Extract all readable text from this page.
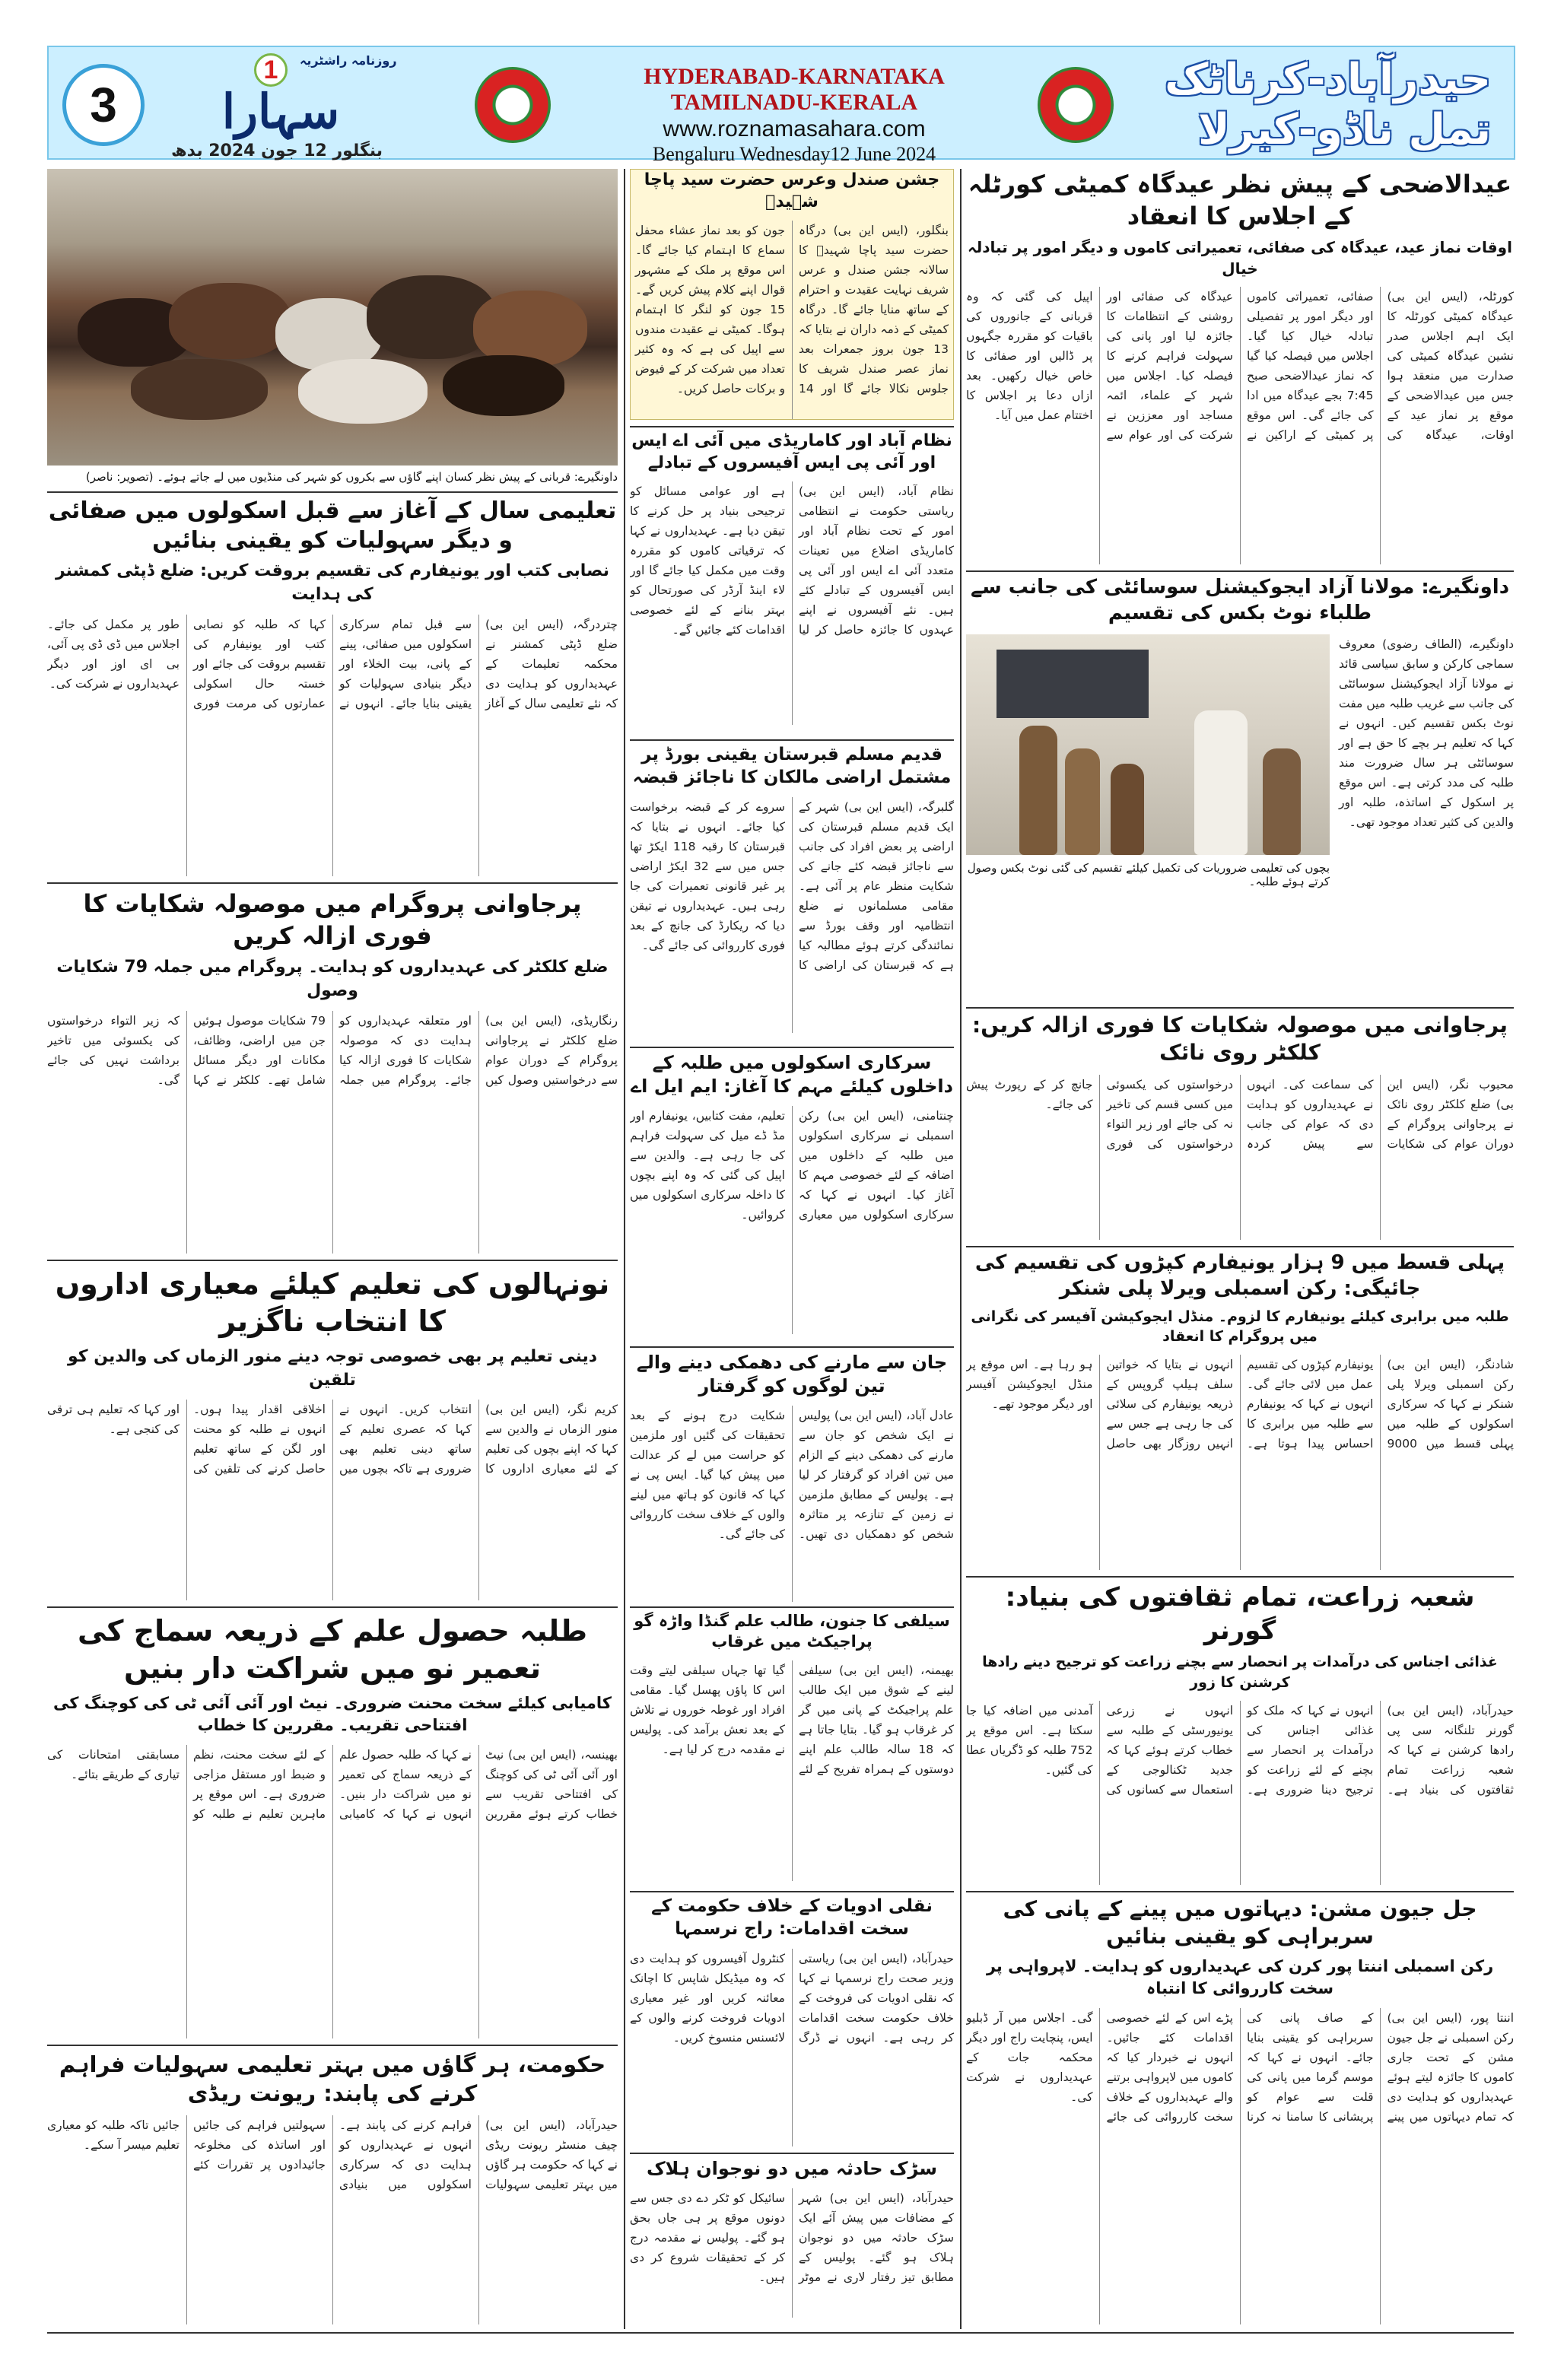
3
1
سہارا
بنگلور 12 جون 2024 بدھ
روزنامہ راشٹریہ
HYDERABAD-KARNATAKA
TAMILNADU-KERALA
www.roznamasahara.com
Bengaluru Wednesday12 June 2024
حیدرآباد-کرناٹک
تمل ناڈو-کیرلا
داونگیرے: قربانی کے پیش نظر کسان اپنے گاؤں سے بکروں کو شہر کی منڈیوں میں لے جاتے ہوئے۔ (تصویر: ناصر)
تعلیمی سال کے آغاز سے قبل اسکولوں میں صفائی و دیگر سہولیات کو یقینی بنائیں
نصابی کتب اور یونیفارم کی تقسیم بروقت کریں: ضلع ڈپٹی کمشنر کی ہدایت
چتردرگہ، (ایس این بی) ضلع ڈپٹی کمشنر نے محکمہ تعلیمات کے عہدیداروں کو ہدایت دی کہ نئے تعلیمی سال کے آغاز سے قبل تمام سرکاری اسکولوں میں صفائی، پینے کے پانی، بیت الخلاء اور دیگر بنیادی سہولیات کو یقینی بنایا جائے۔ انہوں نے کہا کہ طلبہ کو نصابی کتب اور یونیفارم کی تقسیم بروقت کی جائے اور خستہ حال اسکولی عمارتوں کی مرمت فوری طور پر مکمل کی جائے۔ اجلاس میں ڈی ڈی پی آئی، بی ای اوز اور دیگر عہدیداروں نے شرکت کی۔
پرجاوانی پروگرام میں موصولہ شکایات کا فوری ازالہ کریں
ضلع کلکٹر کی عہدیداروں کو ہدایت۔ پروگرام میں جملہ 79 شکایات وصول
رنگاریڈی، (ایس این بی) ضلع کلکٹر نے پرجاوانی پروگرام کے دوران عوام سے درخواستیں وصول کیں اور متعلقہ عہدیداروں کو ہدایت دی کہ موصولہ شکایات کا فوری ازالہ کیا جائے۔ پروگرام میں جملہ 79 شکایات موصول ہوئیں جن میں اراضی، وظائف، مکانات اور دیگر مسائل شامل تھے۔ کلکٹر نے کہا کہ زیر التواء درخواستوں کی یکسوئی میں تاخیر برداشت نہیں کی جائے گی۔
نونہالوں کی تعلیم کیلئے معیاری اداروں کا انتخاب ناگزیر
دینی تعلیم پر بھی خصوصی توجہ دینے منور الزماں کی والدین کو تلقین
کریم نگر، (ایس این بی) منور الزماں نے والدین سے کہا کہ اپنے بچوں کی تعلیم کے لئے معیاری اداروں کا انتخاب کریں۔ انہوں نے کہا کہ عصری تعلیم کے ساتھ دینی تعلیم بھی ضروری ہے تاکہ بچوں میں اخلاقی اقدار پیدا ہوں۔ انہوں نے طلبہ کو محنت اور لگن کے ساتھ تعلیم حاصل کرنے کی تلقین کی اور کہا کہ تعلیم ہی ترقی کی کنجی ہے۔
طلبہ حصول علم کے ذریعہ سماج کی تعمیر نو میں شراکت دار بنیں
کامیابی کیلئے سخت محنت ضروری۔ نیٹ اور آئی آئی ٹی کی کوچنگ کی افتتاحی تقریب۔ مقررین کا خطاب
بھینسہ، (ایس این بی) نیٹ اور آئی آئی ٹی کی کوچنگ کی افتتاحی تقریب سے خطاب کرتے ہوئے مقررین نے کہا کہ طلبہ حصول علم کے ذریعہ سماج کی تعمیر نو میں شراکت دار بنیں۔ انہوں نے کہا کہ کامیابی کے لئے سخت محنت، نظم و ضبط اور مستقل مزاجی ضروری ہے۔ اس موقع پر ماہرین تعلیم نے طلبہ کو مسابقتی امتحانات کی تیاری کے طریقے بتائے۔
حکومت، ہر گاؤں میں بہتر تعلیمی سہولیات فراہم کرنے کی پابند: ریونت ریڈی
حیدرآباد، (ایس این بی) چیف منسٹر ریونت ریڈی نے کہا کہ حکومت ہر گاؤں میں بہتر تعلیمی سہولیات فراہم کرنے کی پابند ہے۔ انہوں نے عہدیداروں کو ہدایت دی کہ سرکاری اسکولوں میں بنیادی سہولتیں فراہم کی جائیں اور اساتذہ کی مخلوعہ جائیدادوں پر تقررات کئے جائیں تاکہ طلبہ کو معیاری تعلیم میسر آ سکے۔
جشن صندل وعرس حضرت سید پاچا شہیدؒ
بنگلور، (ایس این بی) درگاہ حضرت سید پاچا شہیدؒ کا سالانہ جشن صندل و عرس شریف نہایت عقیدت و احترام کے ساتھ منایا جائے گا۔ درگاہ کمیٹی کے ذمہ داران نے بتایا کہ 13 جون بروز جمعرات بعد نماز عصر صندل شریف کا جلوس نکالا جائے گا اور 14 جون کو بعد نماز عشاء محفل سماع کا اہتمام کیا جائے گا۔ اس موقع پر ملک کے مشہور قوال اپنے کلام پیش کریں گے۔ 15 جون کو لنگر کا اہتمام ہوگا۔ کمیٹی نے عقیدت مندوں سے اپیل کی ہے کہ وہ کثیر تعداد میں شرکت کر کے فیوض و برکات حاصل کریں۔
نظام آباد اور کاماریڈی میں آئی اے ایس اور آئی پی ایس آفیسروں کے تبادلے
نظام آباد، (ایس این بی) ریاستی حکومت نے انتظامی امور کے تحت نظام آباد اور کاماریڈی اضلاع میں تعینات متعدد آئی اے ایس اور آئی پی ایس آفیسروں کے تبادلے کئے ہیں۔ نئے آفیسروں نے اپنے عہدوں کا جائزہ حاصل کر لیا ہے اور عوامی مسائل کو ترجیحی بنیاد پر حل کرنے کا تیقن دیا ہے۔ عہدیداروں نے کہا کہ ترقیاتی کاموں کو مقررہ وقت میں مکمل کیا جائے گا اور لاء اینڈ آرڈر کی صورتحال کو بہتر بنانے کے لئے خصوصی اقدامات کئے جائیں گے۔
قدیم مسلم قبرستان یقینی بورڈ پر مشتمل اراضی مالکان کا ناجائز قبضہ
گلبرگہ، (ایس این بی) شہر کے ایک قدیم مسلم قبرستان کی اراضی پر بعض افراد کی جانب سے ناجائز قبضہ کئے جانے کی شکایت منظر عام پر آئی ہے۔ مقامی مسلمانوں نے ضلع انتظامیہ اور وقف بورڈ سے نمائندگی کرتے ہوئے مطالبہ کیا ہے کہ قبرستان کی اراضی کا سروے کر کے قبضہ برخواست کیا جائے۔ انہوں نے بتایا کہ قبرستان کا رقبہ 118 ایکڑ تھا جس میں سے 32 ایکڑ اراضی پر غیر قانونی تعمیرات کی جا رہی ہیں۔ عہدیداروں نے تیقن دیا کہ ریکارڈ کی جانچ کے بعد فوری کارروائی کی جائے گی۔
سرکاری اسکولوں میں طلبہ کے داخلوں کیلئے مہم کا آغاز: ایم ایل اے
چنتامنی، (ایس این بی) رکن اسمبلی نے سرکاری اسکولوں میں طلبہ کے داخلوں میں اضافہ کے لئے خصوصی مہم کا آغاز کیا۔ انہوں نے کہا کہ سرکاری اسکولوں میں معیاری تعلیم، مفت کتابیں، یونیفارم اور مڈ ڈے میل کی سہولت فراہم کی جا رہی ہے۔ والدین سے اپیل کی گئی کہ وہ اپنے بچوں کا داخلہ سرکاری اسکولوں میں کروائیں۔
جان سے مارنے کی دھمکی دینے والے تین لوگوں کو گرفتار
عادل آباد، (ایس این بی) پولیس نے ایک شخص کو جان سے مارنے کی دھمکی دینے کے الزام میں تین افراد کو گرفتار کر لیا ہے۔ پولیس کے مطابق ملزمین نے زمین کے تنازعہ پر متاثرہ شخص کو دھمکیاں دی تھیں۔ شکایت درج ہونے کے بعد تحقیقات کی گئیں اور ملزمین کو حراست میں لے کر عدالت میں پیش کیا گیا۔ ایس پی نے کہا کہ قانون کو ہاتھ میں لینے والوں کے خلاف سخت کارروائی کی جائے گی۔
سیلفی کا جنون، طالب علم گنڈا واڑہ گو پراجیکٹ میں غرقاب
بھیمنہ، (ایس این بی) سیلفی لینے کے شوق میں ایک طالب علم پراجیکٹ کے پانی میں گر کر غرقاب ہو گیا۔ بتایا جاتا ہے کہ 18 سالہ طالب علم اپنے دوستوں کے ہمراہ تفریح کے لئے گیا تھا جہاں سیلفی لیتے وقت اس کا پاؤں پھسل گیا۔ مقامی افراد اور غوطہ خوروں نے تلاش کے بعد نعش برآمد کی۔ پولیس نے مقدمہ درج کر لیا ہے۔
نقلی ادویات کے خلاف حکومت کے سخت اقدامات: راج نرسمہا
حیدرآباد، (ایس این بی) ریاستی وزیر صحت راج نرسمہا نے کہا کہ نقلی ادویات کی فروخت کے خلاف حکومت سخت اقدامات کر رہی ہے۔ انہوں نے ڈرگ کنٹرول آفیسروں کو ہدایت دی کہ وہ میڈیکل شاپس کا اچانک معائنہ کریں اور غیر معیاری ادویات فروخت کرنے والوں کے لائسنس منسوخ کریں۔
سڑک حادثہ میں دو نوجوان ہلاک
حیدرآباد، (ایس این بی) شہر کے مضافات میں پیش آئے ایک سڑک حادثہ میں دو نوجوان ہلاک ہو گئے۔ پولیس کے مطابق تیز رفتار لاری نے موٹر سائیکل کو ٹکر دے دی جس سے دونوں موقع پر ہی جاں بحق ہو گئے۔ پولیس نے مقدمہ درج کر کے تحقیقات شروع کر دی ہیں۔
عیدالاضحی کے پیش نظر عیدگاہ کمیٹی کورٹلہ کے اجلاس کا انعقاد
اوقات نماز عید، عیدگاہ کی صفائی، تعمیراتی کاموں و دیگر امور پر تبادلہ خیال
کورٹلہ، (ایس این بی) عیدگاہ کمیٹی کورٹلہ کا ایک اہم اجلاس صدر نشین عیدگاہ کمیٹی کی صدارت میں منعقد ہوا جس میں عیدالاضحی کے موقع پر نماز عید کے اوقات، عیدگاہ کی صفائی، تعمیراتی کاموں اور دیگر امور پر تفصیلی تبادلہ خیال کیا گیا۔ اجلاس میں فیصلہ کیا گیا کہ نماز عیدالاضحی صبح 7:45 بجے عیدگاہ میں ادا کی جائے گی۔ اس موقع پر کمیٹی کے اراکین نے عیدگاہ کی صفائی اور روشنی کے انتظامات کا جائزہ لیا اور پانی کی سہولت فراہم کرنے کا فیصلہ کیا۔ اجلاس میں شہر کے علماء، ائمہ مساجد اور معززین نے شرکت کی اور عوام سے اپیل کی گئی کہ وہ قربانی کے جانوروں کی باقیات کو مقررہ جگہوں پر ڈالیں اور صفائی کا خاص خیال رکھیں۔ بعد ازاں دعا پر اجلاس کا اختتام عمل میں آیا۔
داونگیرے: مولانا آزاد ایجوکیشنل سوسائٹی کی جانب سے طلباء نوٹ بکس کی تقسیم
داونگیرے، (الطاف رضوی) معروف سماجی کارکن و سابق سیاسی قائد نے مولانا آزاد ایجوکیشنل سوسائٹی کی جانب سے غریب طلبہ میں مفت نوٹ بکس تقسیم کیں۔ انہوں نے کہا کہ تعلیم ہر بچے کا حق ہے اور سوسائٹی ہر سال ضرورت مند طلبہ کی مدد کرتی ہے۔ اس موقع پر اسکول کے اساتذہ، طلبہ اور والدین کی کثیر تعداد موجود تھی۔
بچوں کی تعلیمی ضروریات کی تکمیل کیلئے تقسیم کی گئی نوٹ بکس وصول کرتے ہوئے طلبہ۔
پرجاوانی میں موصولہ شکایات کا فوری ازالہ کریں: کلکٹر روی نائک
محبوب نگر، (ایس این بی) ضلع کلکٹر روی نائک نے پرجاوانی پروگرام کے دوران عوام کی شکایات کی سماعت کی۔ انہوں نے عہدیداروں کو ہدایت دی کہ عوام کی جانب سے پیش کردہ درخواستوں کی یکسوئی میں کسی قسم کی تاخیر نہ کی جائے اور زیر التواء درخواستوں کی فوری جانچ کر کے رپورٹ پیش کی جائے۔
پہلی قسط میں 9 ہزار یونیفارم کپڑوں کی تقسیم کی جائیگی: رکن اسمبلی ویرلا پلی شنکر
طلبہ میں برابری کیلئے یونیفارم کا لزوم۔ منڈل ایجوکیشن آفیسر کی نگرانی میں پروگرام کا انعقاد
شادنگر، (ایس این بی) رکن اسمبلی ویرلا پلی شنکر نے کہا کہ سرکاری اسکولوں کے طلبہ میں پہلی قسط میں 9000 یونیفارم کپڑوں کی تقسیم عمل میں لائی جائے گی۔ انہوں نے کہا کہ یونیفارم سے طلبہ میں برابری کا احساس پیدا ہوتا ہے۔ انہوں نے بتایا کہ خواتین سلف ہیلپ گروپس کے ذریعہ یونیفارم کی سلائی کی جا رہی ہے جس سے انہیں روزگار بھی حاصل ہو رہا ہے۔ اس موقع پر منڈل ایجوکیشن آفیسر اور دیگر موجود تھے۔
شعبہ زراعت، تمام ثقافتوں کی بنیاد: گورنر
غذائی اجناس کی درآمدات پر انحصار سے بچنے زراعت کو ترجیح دینے رادھا کرشنن کا زور
حیدرآباد، (ایس این بی) گورنر تلنگانہ سی پی رادھا کرشنن نے کہا کہ شعبہ زراعت تمام ثقافتوں کی بنیاد ہے۔ انہوں نے کہا کہ ملک کو غذائی اجناس کی درآمدات پر انحصار سے بچنے کے لئے زراعت کو ترجیح دینا ضروری ہے۔ انہوں نے زرعی یونیورسٹی کے طلبہ سے خطاب کرتے ہوئے کہا کہ جدید ٹکنالوجی کے استعمال سے کسانوں کی آمدنی میں اضافہ کیا جا سکتا ہے۔ اس موقع پر 752 طلبہ کو ڈگریاں عطا کی گئیں۔
جل جیون مشن: دیہاتوں میں پینے کے پانی کی سربراہی کو یقینی بنائیں
رکن اسمبلی اننتا پور کرن کی عہدیداروں کو ہدایت۔ لاپرواہی پر سخت کارروائی کا انتباہ
اننتا پور، (ایس این بی) رکن اسمبلی نے جل جیون مشن کے تحت جاری کاموں کا جائزہ لیتے ہوئے عہدیداروں کو ہدایت دی کہ تمام دیہاتوں میں پینے کے صاف پانی کی سربراہی کو یقینی بنایا جائے۔ انہوں نے کہا کہ موسم گرما میں پانی کی قلت سے عوام کو پریشانی کا سامنا نہ کرنا پڑے اس کے لئے خصوصی اقدامات کئے جائیں۔ انہوں نے خبردار کیا کہ کاموں میں لاپرواہی برتنے والے عہدیداروں کے خلاف سخت کارروائی کی جائے گی۔ اجلاس میں آر ڈبلیو ایس، پنچایت راج اور دیگر محکمہ جات کے عہدیداروں نے شرکت کی۔
